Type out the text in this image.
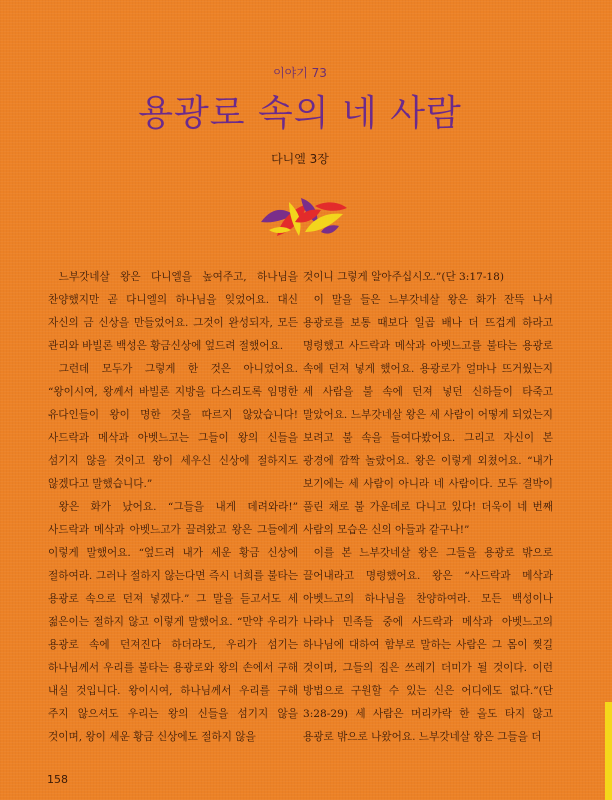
이야기 73
용광로 속의 네 사람
다니엘 3장

느부갓네살 왕은 다니엘을 높여주고, 하나님을 찬양했지만 곧 다니엘의 하나님을 잊었어요. 대신 자신의 금 신상을 만들었어요. 그것이 완성되자, 모든 관리와 바빌론 백성은 황금신상에 엎드려 절했어요.

그런데 모두가 그렇게 한 것은 아니었어요. “왕이시여, 왕께서 바빌론 지방을 다스리도록 임명한 유다인들이 왕이 명한 것을 따르지 않았습니다! 사드락과 메삭과 아벳느고는 그들이 왕의 신들을 섬기지 않을 것이고 왕이 세우신 신상에 절하지도 않겠다고 말했습니다.”

왕은 화가 났어요. “그들을 내게 데려와라!” 사드락과 메삭과 아벳느고가 끌려왔고 왕은 그들에게 이렇게 말했어요. “엎드려 내가 세운 황금 신상에 절하여라. 그러나 절하지 않는다면 즉시 너희를 불타는 용광로 속으로 던져 넣겠다.” 그 말을 듣고서도 세 젊은이는 절하지 않고 이렇게 말했어요. “만약 우리가 용광로 속에 던져진다 하더라도, 우리가 섬기는 하나님께서 우리를 불타는 용광로와 왕의 손에서 구해 내실 것입니다. 왕이시여, 하나님께서 우리를 구해 주지 않으셔도 우리는 왕의 신들을 섬기지 않을 것이며, 왕이 세운 황금 신상에도 절하지 않을

것이니 그렇게 알아주십시오.”(단 3:17-18)

이 말을 들은 느부갓네살 왕은 화가 잔뜩 나서 용광로를 보통 때보다 일곱 배나 더 뜨겁게 하라고 명령했고 사드락과 메삭과 아벳느고를 불타는 용광로 속에 던져 넣게 했어요. 용광로가 얼마나 뜨거웠는지 세 사람을 불 속에 던져 넣던 신하들이 타죽고 말았어요. 느부갓네살 왕은 세 사람이 어떻게 되었는지 보려고 불 속을 들여다봤어요. 그리고 자신이 본 광경에 깜짝 놀랐어요. 왕은 이렇게 외쳤어요. “내가 보기에는 세 사람이 아니라 네 사람이다. 모두 결박이 풀린 채로 불 가운데로 다니고 있다! 더욱이 네 번째 사람의 모습은 신의 아들과 같구나!”

이를 본 느부갓네살 왕은 그들을 용광로 밖으로 끌어내라고 명령했어요. 왕은 “사드락과 메삭과 아벳느고의 하나님을 찬양하여라. 모든 백성이나 나라나 민족들 중에 사드락과 메삭과 아벳느고의 하나님에 대하여 함부로 말하는 사람은 그 몸이 찢길 것이며, 그들의 집은 쓰레기 더미가 될 것이다. 이런 방법으로 구원할 수 있는 신은 어디에도 없다.”(단 3:28-29) 세 사람은 머리카락 한 올도 타지 않고 용광로 밖으로 나왔어요. 느부갓네살 왕은 그들을 더

158
